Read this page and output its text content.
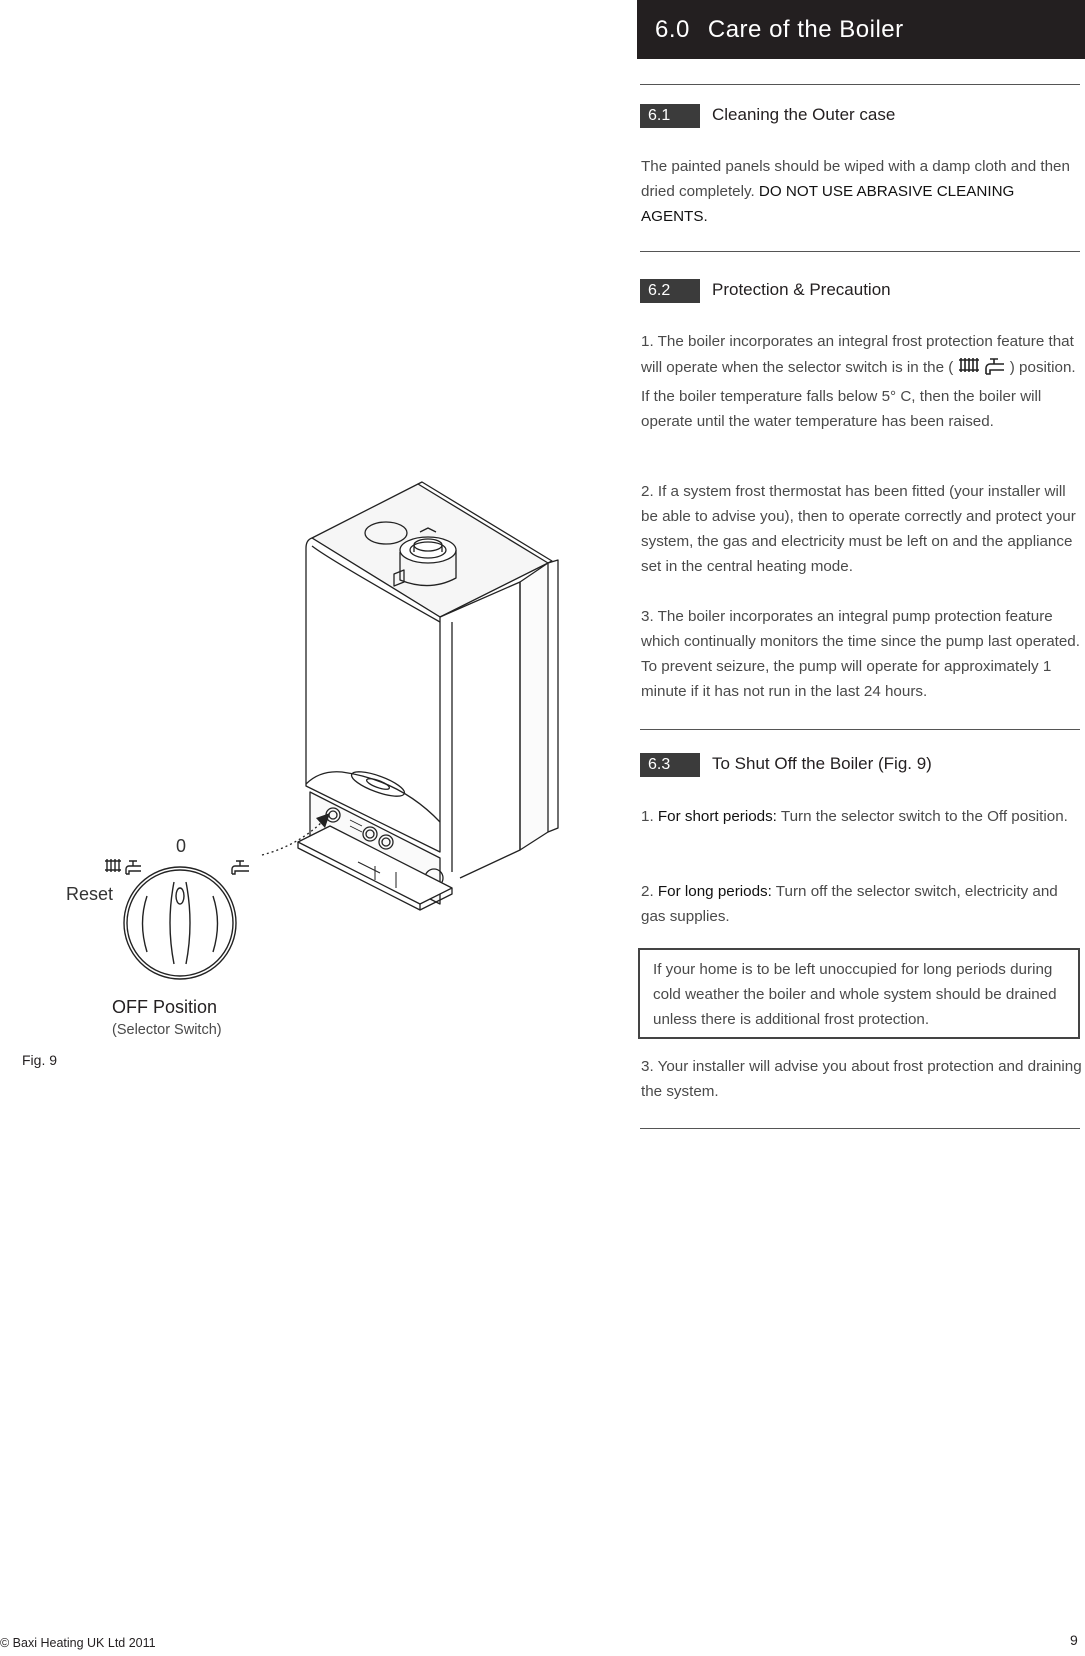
6.0 Care of the Boiler
6.1	Cleaning the Outer case
The painted panels should be wiped with a damp cloth and then dried completely. DO NOT USE ABRASIVE CLEANING AGENTS.
6.2	Protection & Precaution
1. The boiler incorporates an integral frost protection feature that will operate when the selector switch is in the (	) position. If the boiler temperature falls below 5° C, then the boiler will operate until the water temperature has been raised.
2. If a system frost thermostat has been fitted (your installer will be able to advise you), then to operate correctly and protect your system, the gas and electricity must be left on and the appliance set in the central heating mode.
3. The boiler incorporates an integral pump protection feature which continually monitors the time since the pump last operated. To prevent seizure, the pump will operate for approximately 1 minute if it has not run in the last 24 hours.
6.3	To Shut Off the Boiler (Fig. 9)
1. For short periods: Turn the selector switch to the Off position.
2. For long periods: Turn off the selector switch, electricity and gas supplies.
If your home is to be left unoccupied for long periods during cold weather the boiler and whole system should be drained unless there is additional frost protection.
3. Your installer will advise you about frost protection and draining the system.
0
Reset
OFF Position
(Selector Switch)
Fig. 9
© Baxi Heating UK Ltd 2011	9
